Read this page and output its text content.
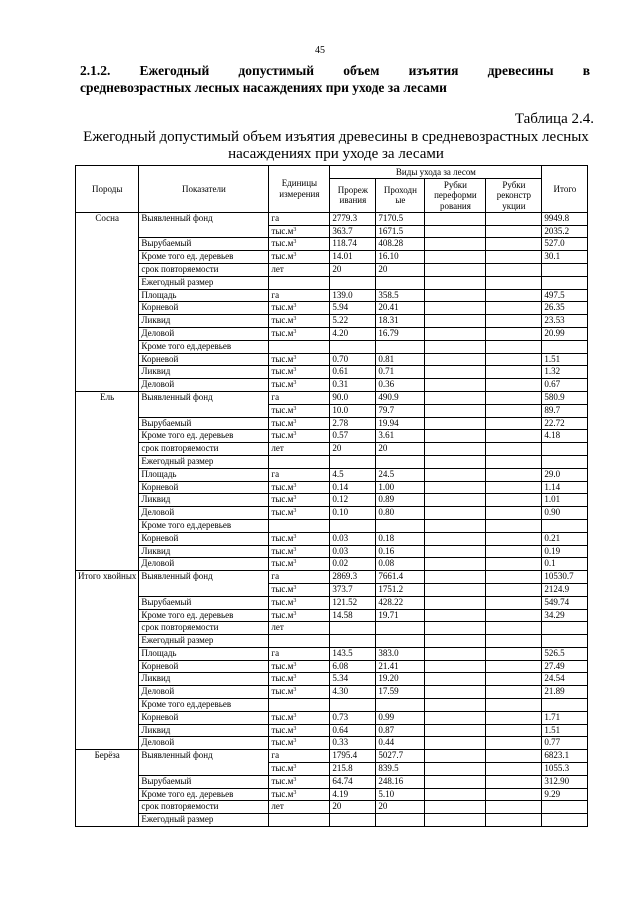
45
2.1.2. Ежегодный допустимый объем изъятия древесины в
средневозрастных лесных насаждениях при уходе за лесами
Таблица 2.4.
Ежегодный допустимый объем изъятия древесины в средневозрастных лесных насаждениях при уходе за лесами
Породы	Показатели	Единицы измерения	Виды ухода за лесом				Итого
			Прореж ивания	Проходн ые	Рубки переформи рования	Рубки реконстр укции	
Сосна	Выявленный фонд	га	2779.3	7170.5			9949.8
		$тыс.м^3$	363.7	1671.5			2035.2
	Вырубаемый	$тыс.м^3$	118.74	408.28			527.0
	Кроме того ед. деревьев	$тыс.м^3$	14.01	16.10			30.1
	срок повторяемости	лет	20	20			
	Ежегодный размер						
	Площадь	га	139.0	358.5			497.5
	Корневой	$тыс.м^3$	5.94	20.41			26.35
	Ликвид	$тыс.м^3$	5.22	18.31			23.53
	Деловой	$тыс.м^3$	4.20	16.79			20.99
	Кроме того ед.деревьев						
	Корневой	$тыс.м^3$	0.70	0.81			1.51
	Ликвид	$тыс.м^3$	0.61	0.71			1.32
	Деловой	$тыс.м^3$	0.31	0.36			0.67
Ель	Выявленный фонд	га	90.0	490.9			580.9
		$тыс.м^3$	10.0	79.7			89.7
	Вырубаемый	$тыс.м^3$	2.78	19.94			22.72
	Кроме того ед. деревьев	$тыс.м^3$	0.57	3.61			4.18
	срок повторяемости	лет	20	20			
	Ежегодный размер						
	Площадь	га	4.5	24.5			29.0
	Корневой	$тыс.м^3$	0.14	1.00			1.14
	Ликвид	$тыс.м^3$	0.12	0.89			1.01
	Деловой	$тыс.м^3$	0.10	0.80			0.90
	Кроме того ед.деревьев						
	Корневой	$тыс.м^3$	0.03	0.18			0.21
	Ликвид	$тыс.м^3$	0.03	0.16			0.19
	Деловой	$тыс.м^3$	0.02	0.08			0.1
Итого хвойных	Выявленный фонд	га	2869.3	7661.4			10530.7
		$тыс.м^3$	373.7	1751.2			2124.9
	Вырубаемый	$тыс.м^3$	121.52	428.22			549.74
	Кроме того ед. деревьев	$тыс.м^3$	14.58	19.71			34.29
	срок повторяемости	лет					
	Ежегодный размер						
	Площадь	га	143.5	383.0			526.5
	Корневой	$тыс.м^3$	6.08	21.41			27.49
	Ликвид	$тыс.м^3$	5.34	19.20			24.54
	Деловой	$тыс.м^3$	4.30	17.59			21.89
	Кроме того ед.деревьев						
	Корневой	$тыс.м^3$	0.73	0.99			1.71
	Ликвид	$тыс.м^3$	0.64	0.87			1.51
	Деловой	$тыс.м^3$	0.33	0.44			0.77
Берёза	Выявленный фонд	га	1795.4	5027.7			6823.1
		$тыс.м^3$	215.8	839.5			1055.3
	Вырубаемый	$тыс.м^3$	64.74	248.16			312.90
	Кроме того ед. деревьев	$тыс.м^3$	4.19	5.10			9.29
	срок повторяемости	лет	20	20			
	Ежегодный размер						
